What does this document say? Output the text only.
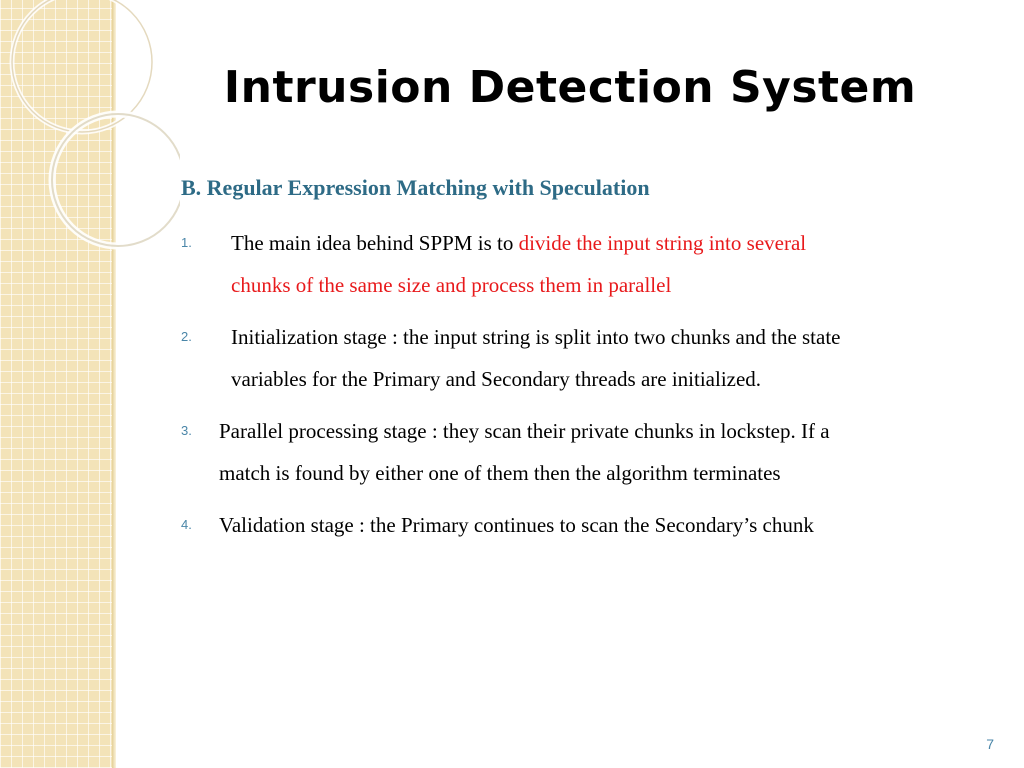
Intrusion Detection System
B. Regular Expression Matching with Speculation
1. The main idea behind SPPM is to divide the input string into several
chunks of the same size and process them in parallel
2. Initialization stage : the input string is split into two chunks and the state
variables for the Primary and Secondary threads are initialized.
3. Parallel processing stage : they scan their private chunks in lockstep. If a
match is found by either one of them then the algorithm terminates
4. Validation stage : the Primary continues to scan the Secondary’s chunk
7
